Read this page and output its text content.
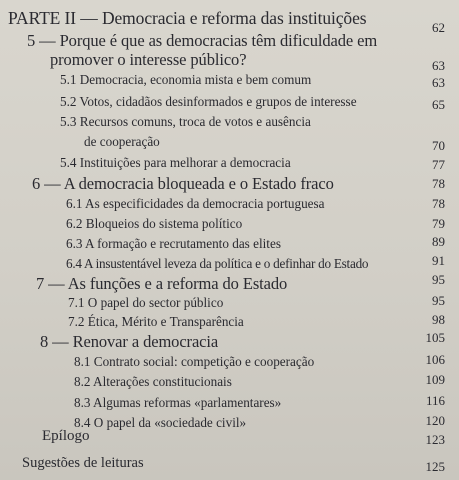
PARTE II — Democracia e reforma das instituições	62
5 — Porque é que as democracias têm dificuldade em
promover o interesse público?	63
5.1 Democracia, economia mista e bem comum	63
5.2 Votos, cidadãos desinformados e grupos de interesse	65
5.3 Recursos comuns, troca de votos e ausência
de cooperação	70
5.4 Instituições para melhorar a democracia	77
6 — A democracia bloqueada e o Estado fraco	78
6.1 As especificidades da democracia portuguesa	78
6.2 Bloqueios do sistema político	79
6.3 A formação e recrutamento das elites	89
6.4 A insustentável leveza da política e o definhar do Estado	91
7 — As funções e a reforma do Estado	95
7.1 O papel do sector público	95
7.2 Ética, Mérito e Transparência	98
8 — Renovar a democracia	105
8.1 Contrato social: competição e cooperação	106
8.2 Alterações constitucionais	109
8.3 Algumas reformas «parlamentares»	116
8.4 O papel da «sociedade civil»	120
Epílogo	123
Sugestões de leituras	125
